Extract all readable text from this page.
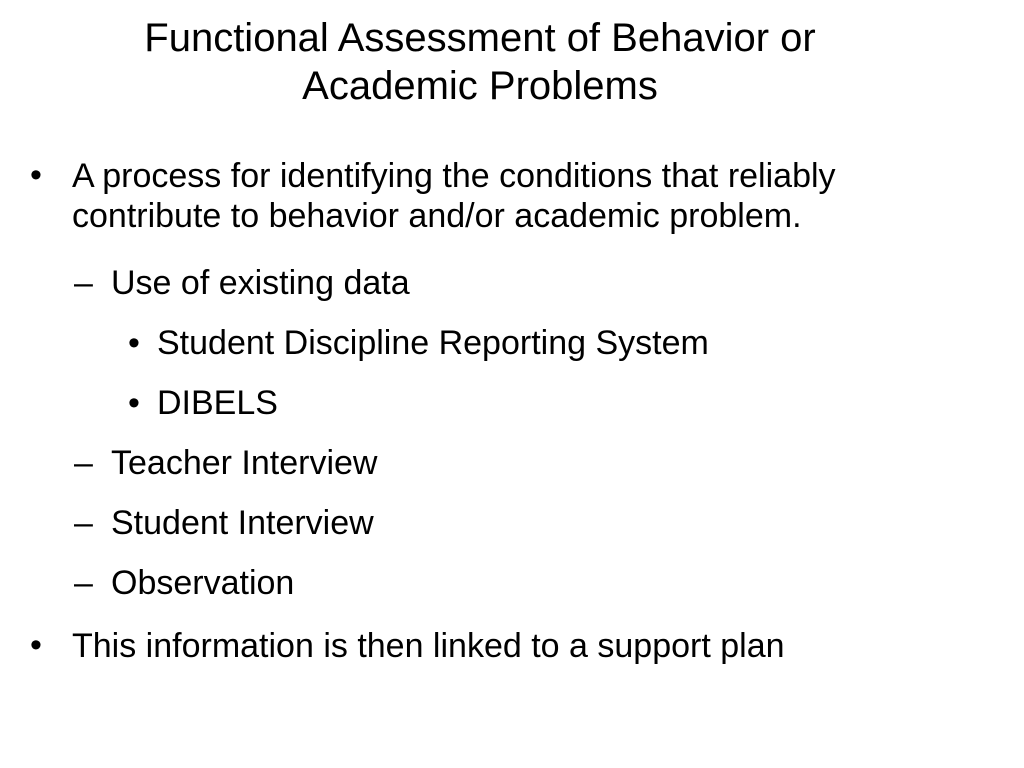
Functional Assessment of Behavior or
Academic Problems
• A process for identifying the conditions that reliably
contribute to behavior and/or academic problem.
– Use of existing data
• Student Discipline Reporting System
• DIBELS
– Teacher Interview
– Student Interview
– Observation
• This information is then linked to a support plan
